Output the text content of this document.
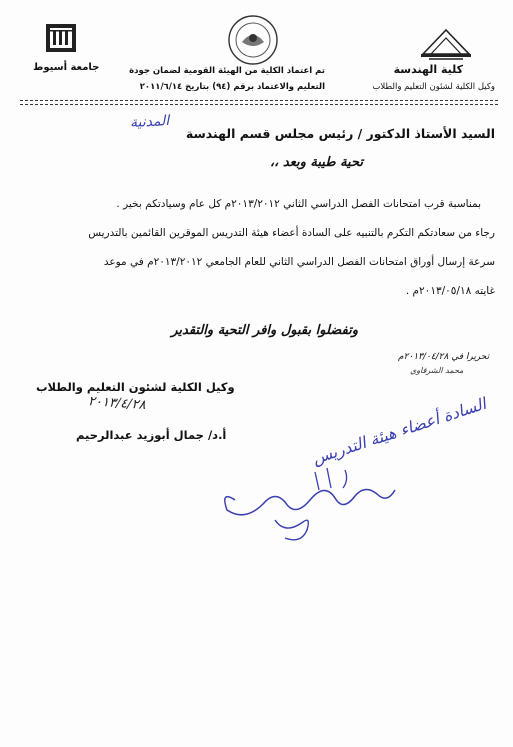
كلية الهندسة
وكيل الكلية لشئون التعليم والطلاب
تم اعتماد الكلية من الهيئة القومية لضمان جودة
التعليم والاعتماد برقم (٩٤) بتاريخ ٢٠١١/٦/١٤
جامعة أسيوط
المدنية
السيد الأستاذ الدكتور / رئيس مجلس قسم الهندسة
تحية طيبة وبعد ،،
بمناسبة قرب امتحانات الفصل الدراسي الثاني ٢٠١٣/٢٠١٢م كل عام وسيادتكم بخير .
رجاء من سعادتكم التكرم بالتنبيه على السادة أعضاء هيئة التدريس الموقرين القائمين بالتدريس
سرعة إرسال أوراق امتحانات الفصل الدراسي الثاني للعام الجامعي ٢٠١٣/٢٠١٢م في موعد
غايته ٢٠١٣/٠٥/١٨م .
وتفضلوا بقبول وافر التحية والتقدير
تحريرا في ٢٠١٣/٠٤/٢٨م
محمد الشرقاوي
وكيل الكلية لشئون التعليم والطلاب
٢٠١٣/٤/٢٨
أ.د/ جمال أبوزيد عبدالرحيم	السادة أعضاء هيئة التدريس
